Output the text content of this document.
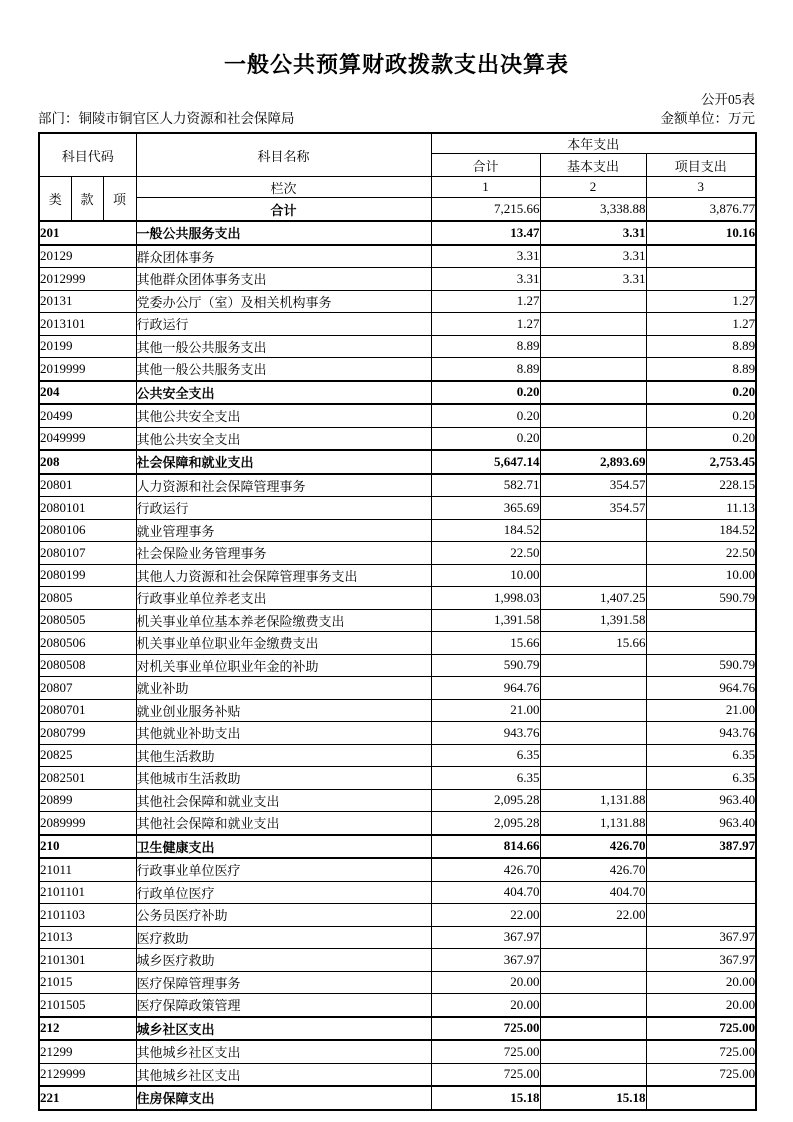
一般公共预算财政拨款支出决算表
公开05表
部门：铜陵市铜官区人力资源和社会保障局	金额单位：万元
科目代码			科目名称	本年支出		
				合计	基本支出	项目支出
类	款	项	栏次	1	2	3
			合计	7,215.66	3,338.88	3,876.77
201			一般公共服务支出	13.47	3.31	10.16
20129			群众团体事务	3.31	3.31	
2012999			其他群众团体事务支出	3.31	3.31	
20131			党委办公厅（室）及相关机构事务	1.27		1.27
2013101			行政运行	1.27		1.27
20199			其他一般公共服务支出	8.89		8.89
2019999			其他一般公共服务支出	8.89		8.89
204			公共安全支出	0.20		0.20
20499			其他公共安全支出	0.20		0.20
2049999			其他公共安全支出	0.20		0.20
208			社会保障和就业支出	5,647.14	2,893.69	2,753.45
20801			人力资源和社会保障管理事务	582.71	354.57	228.15
2080101			行政运行	365.69	354.57	11.13
2080106			就业管理事务	184.52		184.52
2080107			社会保险业务管理事务	22.50		22.50
2080199			其他人力资源和社会保障管理事务支出	10.00		10.00
20805			行政事业单位养老支出	1,998.03	1,407.25	590.79
2080505			机关事业单位基本养老保险缴费支出	1,391.58	1,391.58	
2080506			机关事业单位职业年金缴费支出	15.66	15.66	
2080508			对机关事业单位职业年金的补助	590.79		590.79
20807			就业补助	964.76		964.76
2080701			就业创业服务补贴	21.00		21.00
2080799			其他就业补助支出	943.76		943.76
20825			其他生活救助	6.35		6.35
2082501			其他城市生活救助	6.35		6.35
20899			其他社会保障和就业支出	2,095.28	1,131.88	963.40
2089999			其他社会保障和就业支出	2,095.28	1,131.88	963.40
210			卫生健康支出	814.66	426.70	387.97
21011			行政事业单位医疗	426.70	426.70	
2101101			行政单位医疗	404.70	404.70	
2101103			公务员医疗补助	22.00	22.00	
21013			医疗救助	367.97		367.97
2101301			城乡医疗救助	367.97		367.97
21015			医疗保障管理事务	20.00		20.00
2101505			医疗保障政策管理	20.00		20.00
212			城乡社区支出	725.00		725.00
21299			其他城乡社区支出	725.00		725.00
2129999			其他城乡社区支出	725.00		725.00
221			住房保障支出	15.18	15.18	
